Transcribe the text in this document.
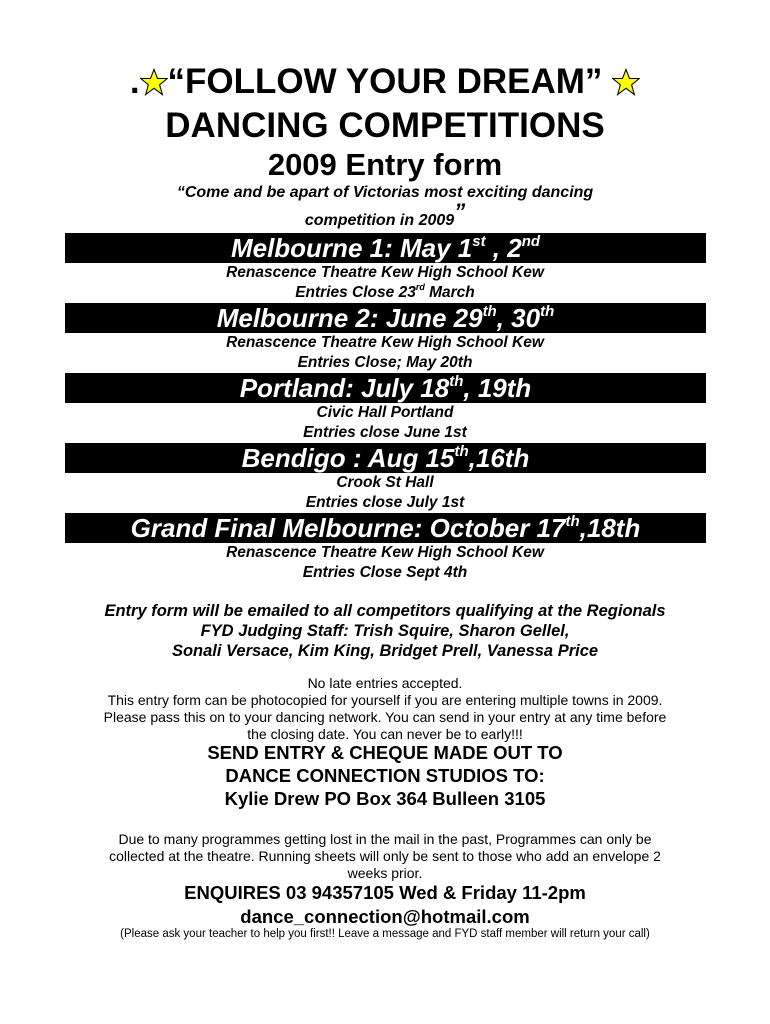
. “FOLLOW YOUR DREAM”
DANCING COMPETITIONS
2009 Entry form
“Come and be apart of Victorias most exciting dancing
competition in 2009”
Melbourne 1: May 1st , 2nd
Renascence Theatre Kew High School Kew
Entries Close 23rd March
Melbourne 2: June 29th, 30th
Renascence Theatre Kew High School Kew
Entries Close; May 20th
Portland: July 18th, 19th
Civic Hall Portland
Entries close June 1st
Bendigo : Aug 15th,16th
Crook St Hall
Entries close July 1st
Grand Final Melbourne: October 17th,18th
Renascence Theatre Kew High School Kew
Entries Close Sept 4th
Entry form will be emailed to all competitors qualifying at the Regionals
FYD Judging Staff: Trish Squire, Sharon Gellel,
Sonali Versace, Kim King, Bridget Prell, Vanessa Price
No late entries accepted.
This entry form can be photocopied for yourself if you are entering multiple towns in 2009.
Please pass this on to your dancing network. You can send in your entry at any time before
the closing date. You can never be to early!!!
SEND ENTRY & CHEQUE MADE OUT TO
DANCE CONNECTION STUDIOS TO:
Kylie Drew PO Box 364 Bulleen 3105
Due to many programmes getting lost in the mail in the past, Programmes can only be
collected at the theatre. Running sheets will only be sent to those who add an envelope 2
weeks prior.
ENQUIRES 03 94357105 Wed & Friday 11-2pm
dance_connection@hotmail.com
(Please ask your teacher to help you first!! Leave a message and FYD staff member will return your call)
